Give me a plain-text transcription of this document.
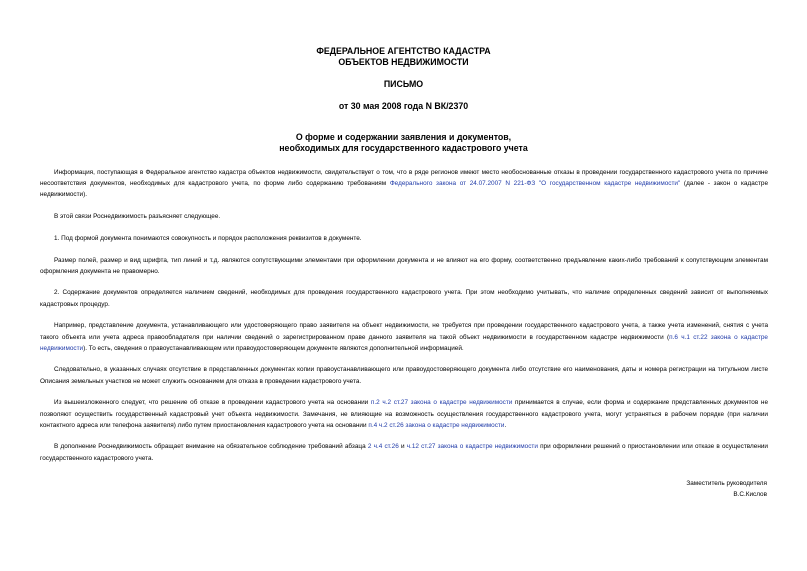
ФЕДЕРАЛЬНОЕ АГЕНТСТВО КАДАСТРА
ОБЪЕКТОВ НЕДВИЖИМОСТИ
ПИСЬМО
от 30 мая 2008 года N ВК/2370
О форме и содержании заявления и документов,
необходимых для государственного кадастрового учета

Информация, поступающая в Федеральное агентство кадастра объектов недвижимости, свидетельствует о том, что в ряде регионов имеют место необоснованные отказы в проведении государственного кадастрового учета по причине несоответствия документов, необходимых для кадастрового учета, по форме либо содержанию требованиям Федерального закона от 24.07.2007 N 221-ФЗ "О государственном кадастре недвижимости" (далее - закон о кадастре недвижимости).

В этой связи Роснедвижимость разъясняет следующее.

1. Под формой документа понимаются совокупность и порядок расположения реквизитов в документе.

Размер полей, размер и вид шрифта, тип линий и т.д. являются сопутствующими элементами при оформлении документа и не влияют на его форму, соответственно предъявление каких-либо требований к сопутствующим элементам оформления документа не правомерно.

2. Содержание документов определяется наличием сведений, необходимых для проведения государственного кадастрового учета. При этом необходимо учитывать, что наличие определенных сведений зависит от выполняемых кадастровых процедур.

Например, представление документа, устанавливающего или удостоверяющего право заявителя на объект недвижимости, не требуется при проведении государственного кадастрового учета, а также учета изменений, снятия с учета такого объекта или учета адреса правообладателя при наличии сведений о зарегистрированном праве данного заявителя на такой объект недвижимости в государственном кадастре недвижимости (п.6 ч.1 ст.22 закона о кадастре недвижимости). То есть, сведения о правоустанавливающем или правоудостоверяющем документе являются дополнительной информацией.

Следовательно, в указанных случаях отсутствие в представленных документах копии правоустанавливающего или правоудостоверяющего документа либо отсутствие его наименования, даты и номера регистрации на титульном листе Описания земельных участков не может служить основанием для отказа в проведении кадастрового учета.

Из вышеизложенного следует, что решение об отказе в проведении кадастрового учета на основании п.2 ч.2 ст.27 закона о кадастре недвижимости принимается в случае, если форма и содержание представленных документов не позволяют осуществить государственный кадастровый учет объекта недвижимости. Замечания, не влияющие на возможность осуществления государственного кадастрового учета, могут устраняться в рабочем порядке (при наличии контактного адреса или телефона заявителя) либо путем приостановления кадастрового учета на основании п.4 ч.2 ст.26 закона о кадастре недвижимости.

В дополнение Роснедвижимость обращает внимание на обязательное соблюдение требований абзаца 2 ч.4 ст.26 и ч.12 ст.27 закона о кадастре недвижимости при оформлении решений о приостановлении или отказе в осуществлении государственного кадастрового учета.

Заместитель руководителя
В.С.Кислов
